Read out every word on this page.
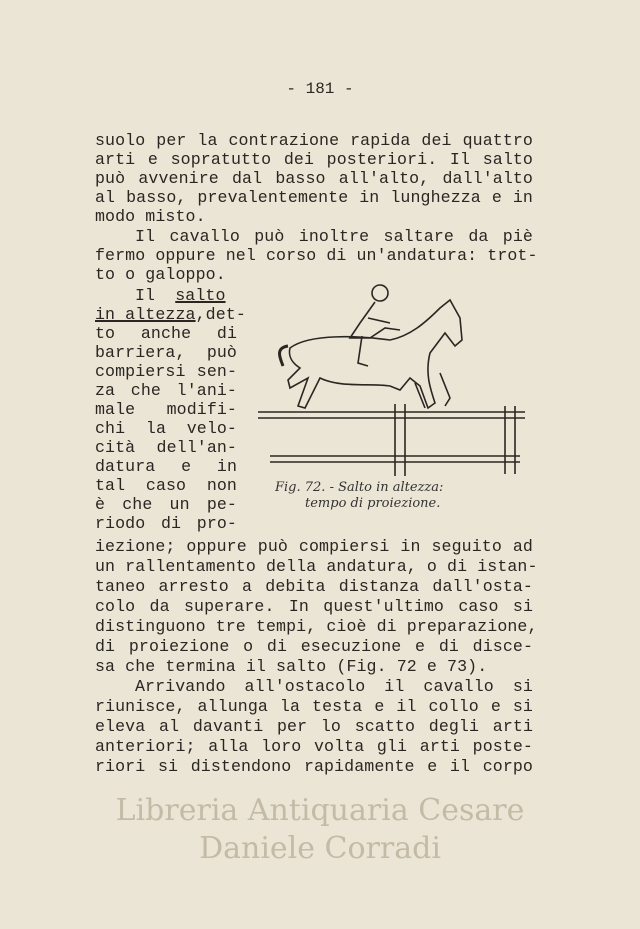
- 181 -
suolo per la contrazione rapida dei quattro
arti e sopratutto dei posteriori. Il salto
può avvenire dal basso all'alto, dall'alto
al basso, prevalentemente in lunghezza e in
modo misto.
Il cavallo può inoltre saltare da piè
fermo oppure nel corso di un'andatura: trot-
to o galoppo.
Il salto
in altezza,det-
to anche di
barriera, può
compiersi sen-
za che l'ani-
male modifi-
chi la velo-
cità dell'an-
datura e in
tal caso non
è che un pe-
riodo di pro-
Fig. 72. - Salto in altezza:
tempo di proiezione.
iezione; oppure può compiersi in seguito ad
un rallentamento della andatura, o di istan-
taneo arresto a debita distanza dall'osta-
colo da superare. In quest'ultimo caso si
distinguono tre tempi, cioè di preparazione,
di proiezione o di esecuzione e di disce-
sa che termina il salto (Fig. 72 e 73).
Arrivando all'ostacolo il cavallo si
riunisce, allunga la testa e il collo e si
eleva al davanti per lo scatto degli arti
anteriori; alla loro volta gli arti poste-
riori si distendono rapidamente e il corpo
Libreria Antiquaria Cesare Daniele Corradi
